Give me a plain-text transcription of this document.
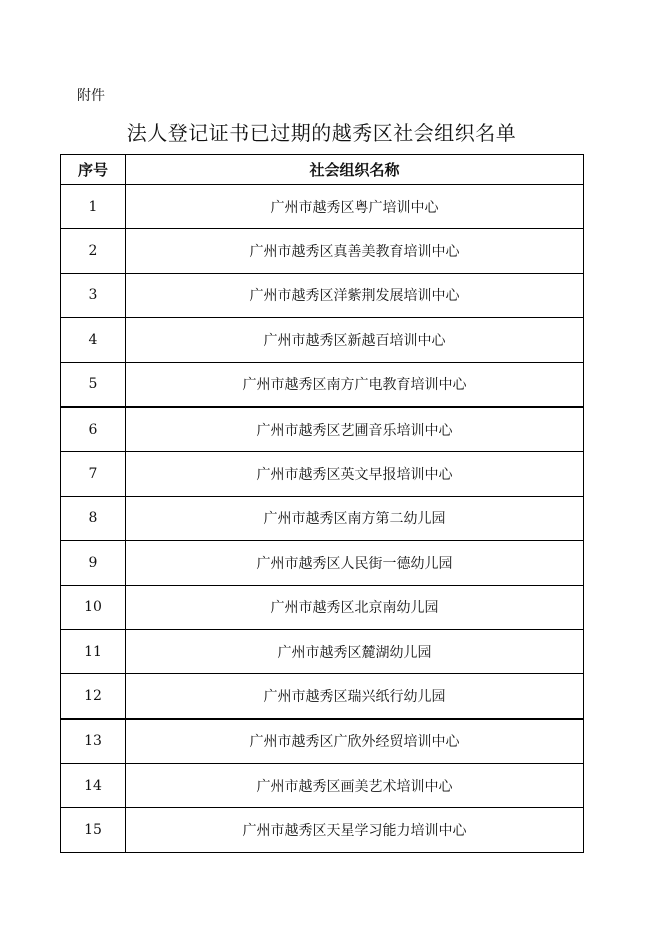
附件
法人登记证书已过期的越秀区社会组织名单
序号	社会组织名称
1	广州市越秀区粤广培训中心
2	广州市越秀区真善美教育培训中心
3	广州市越秀区洋紫荆发展培训中心
4	广州市越秀区新越百培训中心
5	广州市越秀区南方广电教育培训中心
6	广州市越秀区艺圃音乐培训中心
7	广州市越秀区英文早报培训中心
8	广州市越秀区南方第二幼儿园
9	广州市越秀区人民街一德幼儿园
10	广州市越秀区北京南幼儿园
11	广州市越秀区麓湖幼儿园
12	广州市越秀区瑞兴纸行幼儿园
13	广州市越秀区广欣外经贸培训中心
14	广州市越秀区画美艺术培训中心
15	广州市越秀区天星学习能力培训中心
